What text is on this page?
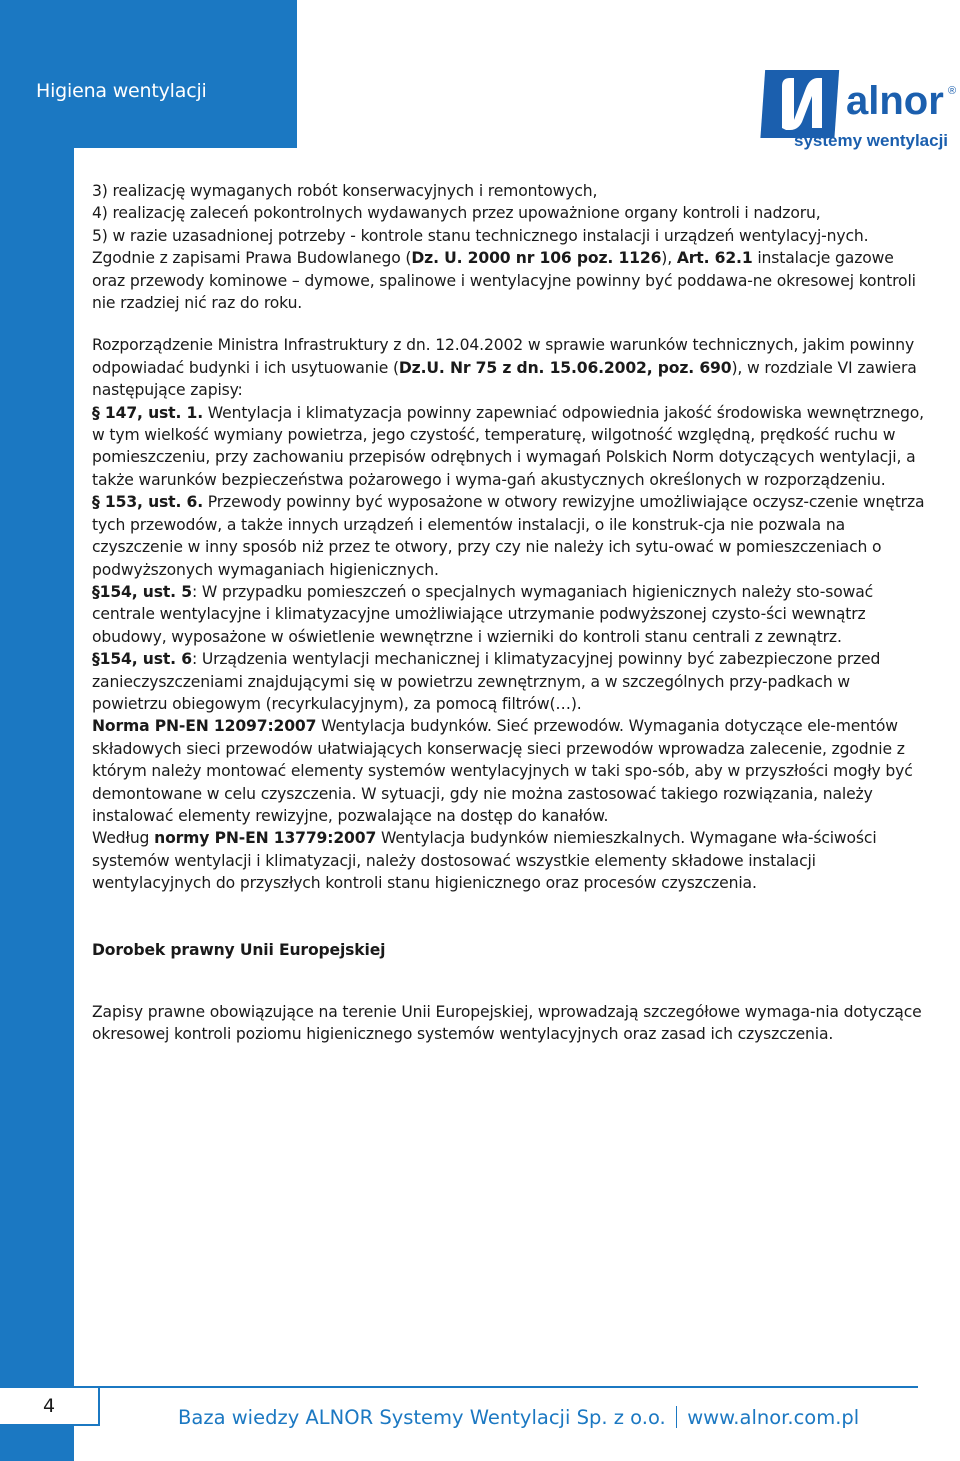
Higiena wentylacji	alnor ®
systemy wentylacji

3) realizację wymaganych robót konserwacyjnych i remontowych,

4) realizację zaleceń pokontrolnych wydawanych przez upoważnione organy kontroli i nadzoru,

5) w razie uzasadnionej potrzeby - kontrole stanu technicznego instalacji i urządzeń wentylacyj-nych.

Zgodnie z zapisami Prawa Budowlanego (Dz. U. 2000 nr 106 poz. 1126), Art. 62.1 instalacje gazowe oraz przewody kominowe – dymowe, spalinowe i wentylacyjne powinny być poddawa-ne okresowej kontroli nie rzadziej nić raz do roku.

Rozporządzenie Ministra Infrastruktury z dn. 12.04.2002 w sprawie warunków technicznych, jakim powinny odpowiadać budynki i ich usytuowanie (Dz.U. Nr 75 z dn. 15.06.2002, poz. 690), w rozdziale VI zawiera następujące zapisy:

§ 147, ust. 1. Wentylacja i klimatyzacja powinny zapewniać odpowiednia jakość środowiska wewnętrznego, w tym wielkość wymiany powietrza, jego czystość, temperaturę, wilgotność względną, prędkość ruchu w pomieszczeniu, przy zachowaniu przepisów odrębnych i wymagań Polskich Norm dotyczących wentylacji, a także warunków bezpieczeństwa pożarowego i wyma-gań akustycznych określonych w rozporządzeniu.

§ 153, ust. 6. Przewody powinny być wyposażone w otwory rewizyjne umożliwiające oczysz-czenie wnętrza tych przewodów, a także innych urządzeń i elementów instalacji, o ile konstruk-cja nie pozwala na czyszczenie w inny sposób niż przez te otwory, przy czy nie należy ich sytu-ować w pomieszczeniach o podwyższonych wymaganiach higienicznych.

§154, ust. 5: W przypadku pomieszczeń o specjalnych wymaganiach higienicznych należy sto-sować centrale wentylacyjne i klimatyzacyjne umożliwiające utrzymanie podwyższonej czysto-ści wewnątrz obudowy, wyposażone w oświetlenie wewnętrzne i wzierniki do kontroli stanu centrali z zewnątrz.

§154, ust. 6: Urządzenia wentylacji mechanicznej i klimatyzacyjnej powinny być zabezpieczone przed zanieczyszczeniami znajdującymi się w powietrzu zewnętrznym, a w szczególnych przy-padkach w powietrzu obiegowym (recyrkulacyjnym), za pomocą filtrów(…).

Norma PN-EN 12097:2007 Wentylacja budynków. Sieć przewodów. Wymagania dotyczące ele-mentów składowych sieci przewodów ułatwiających konserwację sieci przewodów wprowadza zalecenie, zgodnie z którym należy montować elementy systemów wentylacyjnych w taki spo-sób, aby w przyszłości mogły być demontowane w celu czyszczenia. W sytuacji, gdy nie można zastosować takiego rozwiązania, należy instalować elementy rewizyjne, pozwalające na dostęp do kanałów.

Według normy PN-EN 13779:2007 Wentylacja budynków niemieszkalnych. Wymagane wła-ściwości systemów wentylacji i klimatyzacji, należy dostosować wszystkie elementy składowe instalacji wentylacyjnych do przyszłych kontroli stanu higienicznego oraz procesów czyszczenia.

Dorobek prawny Unii Europejskiej

Zapisy prawne obowiązujące na terenie Unii Europejskiej, wprowadzają szczegółowe wymaga-nia dotyczące okresowej kontroli poziomu higienicznego systemów wentylacyjnych oraz zasad ich czyszczenia.

4	Baza wiedzy ALNOR Systemy Wentylacji Sp. z o.o. www.alnor.com.pl
